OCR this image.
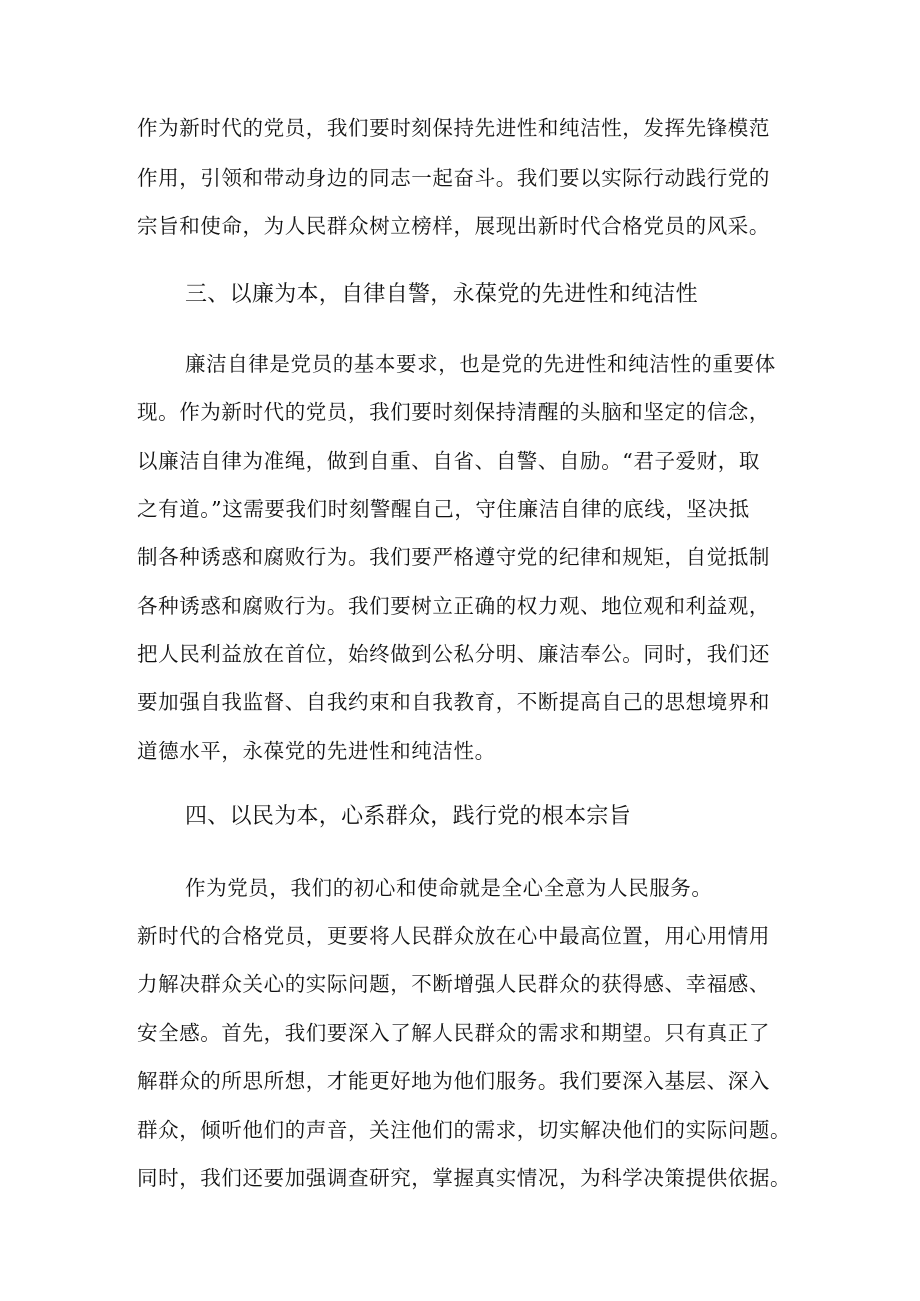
作为新时代的党员，我们要时刻保持先进性和纯洁性，发挥先锋模范
作用，引领和带动身边的同志一起奋斗。我们要以实际行动践行党的
宗旨和使命，为人民群众树立榜样，展现出新时代合格党员的风采。
三、以廉为本，自律自警，永葆党的先进性和纯洁性
廉洁自律是党员的基本要求，也是党的先进性和纯洁性的重要体
现。作为新时代的党员，我们要时刻保持清醒的头脑和坚定的信念，
以廉洁自律为准绳，做到自重、自省、自警、自励。“君子爱财，取
之有道。”这需要我们时刻警醒自己，守住廉洁自律的底线，坚决抵
制各种诱惑和腐败行为。我们要严格遵守党的纪律和规矩，自觉抵制
各种诱惑和腐败行为。我们要树立正确的权力观、地位观和利益观，
把人民利益放在首位，始终做到公私分明、廉洁奉公。同时，我们还
要加强自我监督、自我约束和自我教育，不断提高自己的思想境界和
道德水平，永葆党的先进性和纯洁性。
四、以民为本，心系群众，践行党的根本宗旨
作为党员，我们的初心和使命就是全心全意为人民服务。
新时代的合格党员，更要将人民群众放在心中最高位置，用心用情用
力解决群众关心的实际问题，不断增强人民群众的获得感、幸福感、
安全感。首先，我们要深入了解人民群众的需求和期望。只有真正了
解群众的所思所想，才能更好地为他们服务。我们要深入基层、深入
群众，倾听他们的声音，关注他们的需求，切实解决他们的实际问题。
同时，我们还要加强调查研究，掌握真实情况，为科学决策提供依据。
